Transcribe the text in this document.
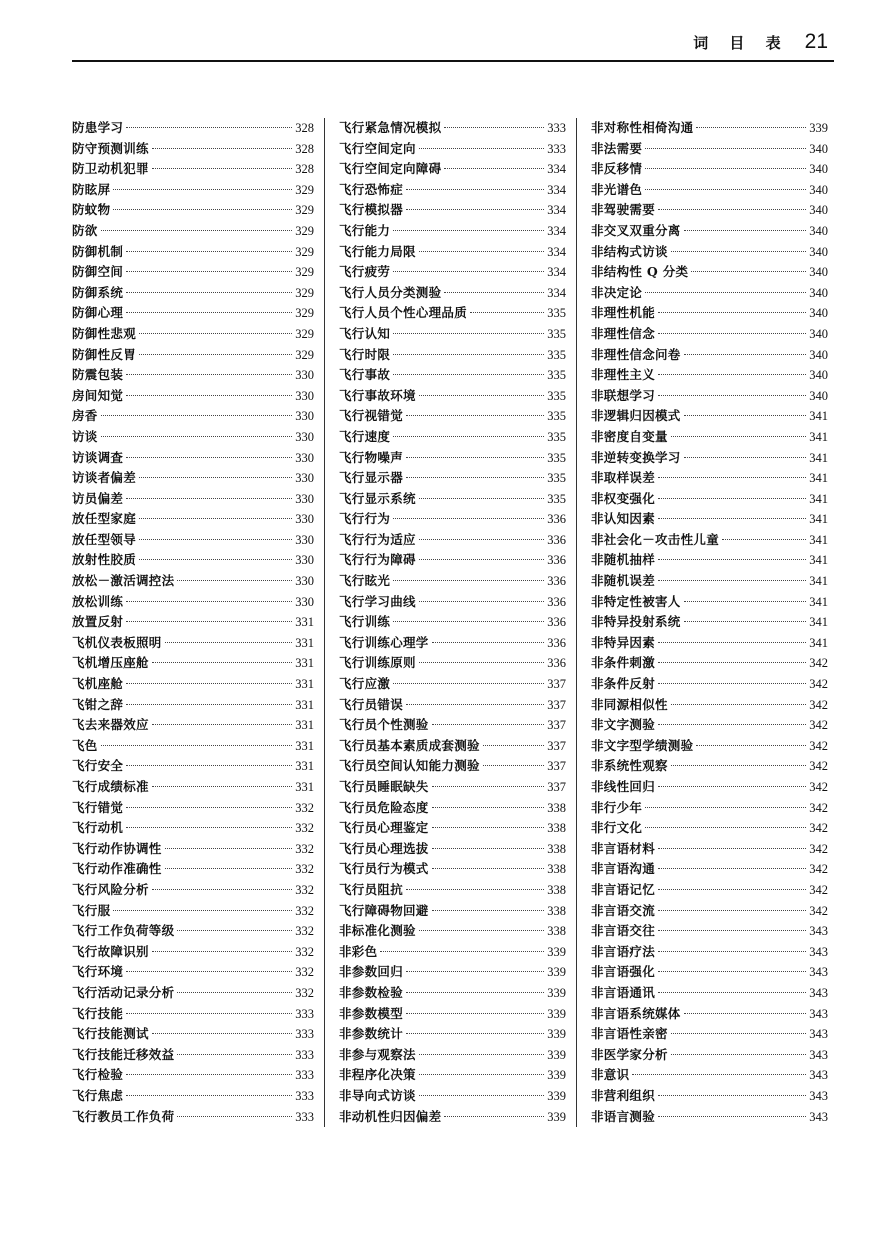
词 目 表 21
防患学习	328
防守预测训练	328
防卫动机犯罪	328
防眩屏	329
防蚊物	329
防欲	329
防御机制	329
防御空间	329
防御系统	329
防御心理	329
防御性悲观	329
防御性反胃	329
防震包装	330
房间知觉	330
房香	330
访谈	330
访谈调查	330
访谈者偏差	330
访员偏差	330
放任型家庭	330
放任型领导	330
放射性胶质	330
放松－激活调控法	330
放松训练	330
放置反射	331
飞机仪表板照明	331
飞机增压座舱	331
飞机座舱	331
飞钳之辞	331
飞去来器效应	331
飞色	331
飞行安全	331
飞行成绩标准	331
飞行错觉	332
飞行动机	332
飞行动作协调性	332
飞行动作准确性	332
飞行风险分析	332
飞行服	332
飞行工作负荷等级	332
飞行故障识别	332
飞行环境	332
飞行活动记录分析	332
飞行技能	333
飞行技能测试	333
飞行技能迁移效益	333
飞行检验	333
飞行焦虑	333
飞行教员工作负荷	333
飞行紧急情况模拟	333
飞行空间定向	333
飞行空间定向障碍	334
飞行恐怖症	334
飞行模拟器	334
飞行能力	334
飞行能力局限	334
飞行疲劳	334
飞行人员分类测验	334
飞行人员个性心理品质	335
飞行认知	335
飞行时限	335
飞行事故	335
飞行事故环境	335
飞行视错觉	335
飞行速度	335
飞行物噪声	335
飞行显示器	335
飞行显示系统	335
飞行行为	336
飞行行为适应	336
飞行行为障碍	336
飞行眩光	336
飞行学习曲线	336
飞行训练	336
飞行训练心理学	336
飞行训练原则	336
飞行应激	337
飞行员错误	337
飞行员个性测验	337
飞行员基本素质成套测验	337
飞行员空间认知能力测验	337
飞行员睡眠缺失	337
飞行员危险态度	338
飞行员心理鉴定	338
飞行员心理选拔	338
飞行员行为模式	338
飞行员阻抗	338
飞行障碍物回避	338
非标准化测验	338
非彩色	339
非参数回归	339
非参数检验	339
非参数模型	339
非参数统计	339
非参与观察法	339
非程序化决策	339
非导向式访谈	339
非动机性归因偏差	339
非对称性相倚沟通	339
非法需要	340
非反移情	340
非光谱色	340
非驾驶需要	340
非交叉双重分离	340
非结构式访谈	340
非结构性 Q 分类	340
非决定论	340
非理性机能	340
非理性信念	340
非理性信念问卷	340
非理性主义	340
非联想学习	340
非逻辑归因模式	341
非密度自变量	341
非逆转变换学习	341
非取样误差	341
非权变强化	341
非认知因素	341
非社会化－攻击性儿童	341
非随机抽样	341
非随机误差	341
非特定性被害人	341
非特异投射系统	341
非特异因素	341
非条件刺激	342
非条件反射	342
非同源相似性	342
非文字测验	342
非文字型学绩测验	342
非系统性观察	342
非线性回归	342
非行少年	342
非行文化	342
非言语材料	342
非言语沟通	342
非言语记忆	342
非言语交流	342
非言语交往	343
非言语疗法	343
非言语强化	343
非言语通讯	343
非言语系统媒体	343
非言语性亲密	343
非医学家分析	343
非意识	343
非营利组织	343
非语言测验	343
